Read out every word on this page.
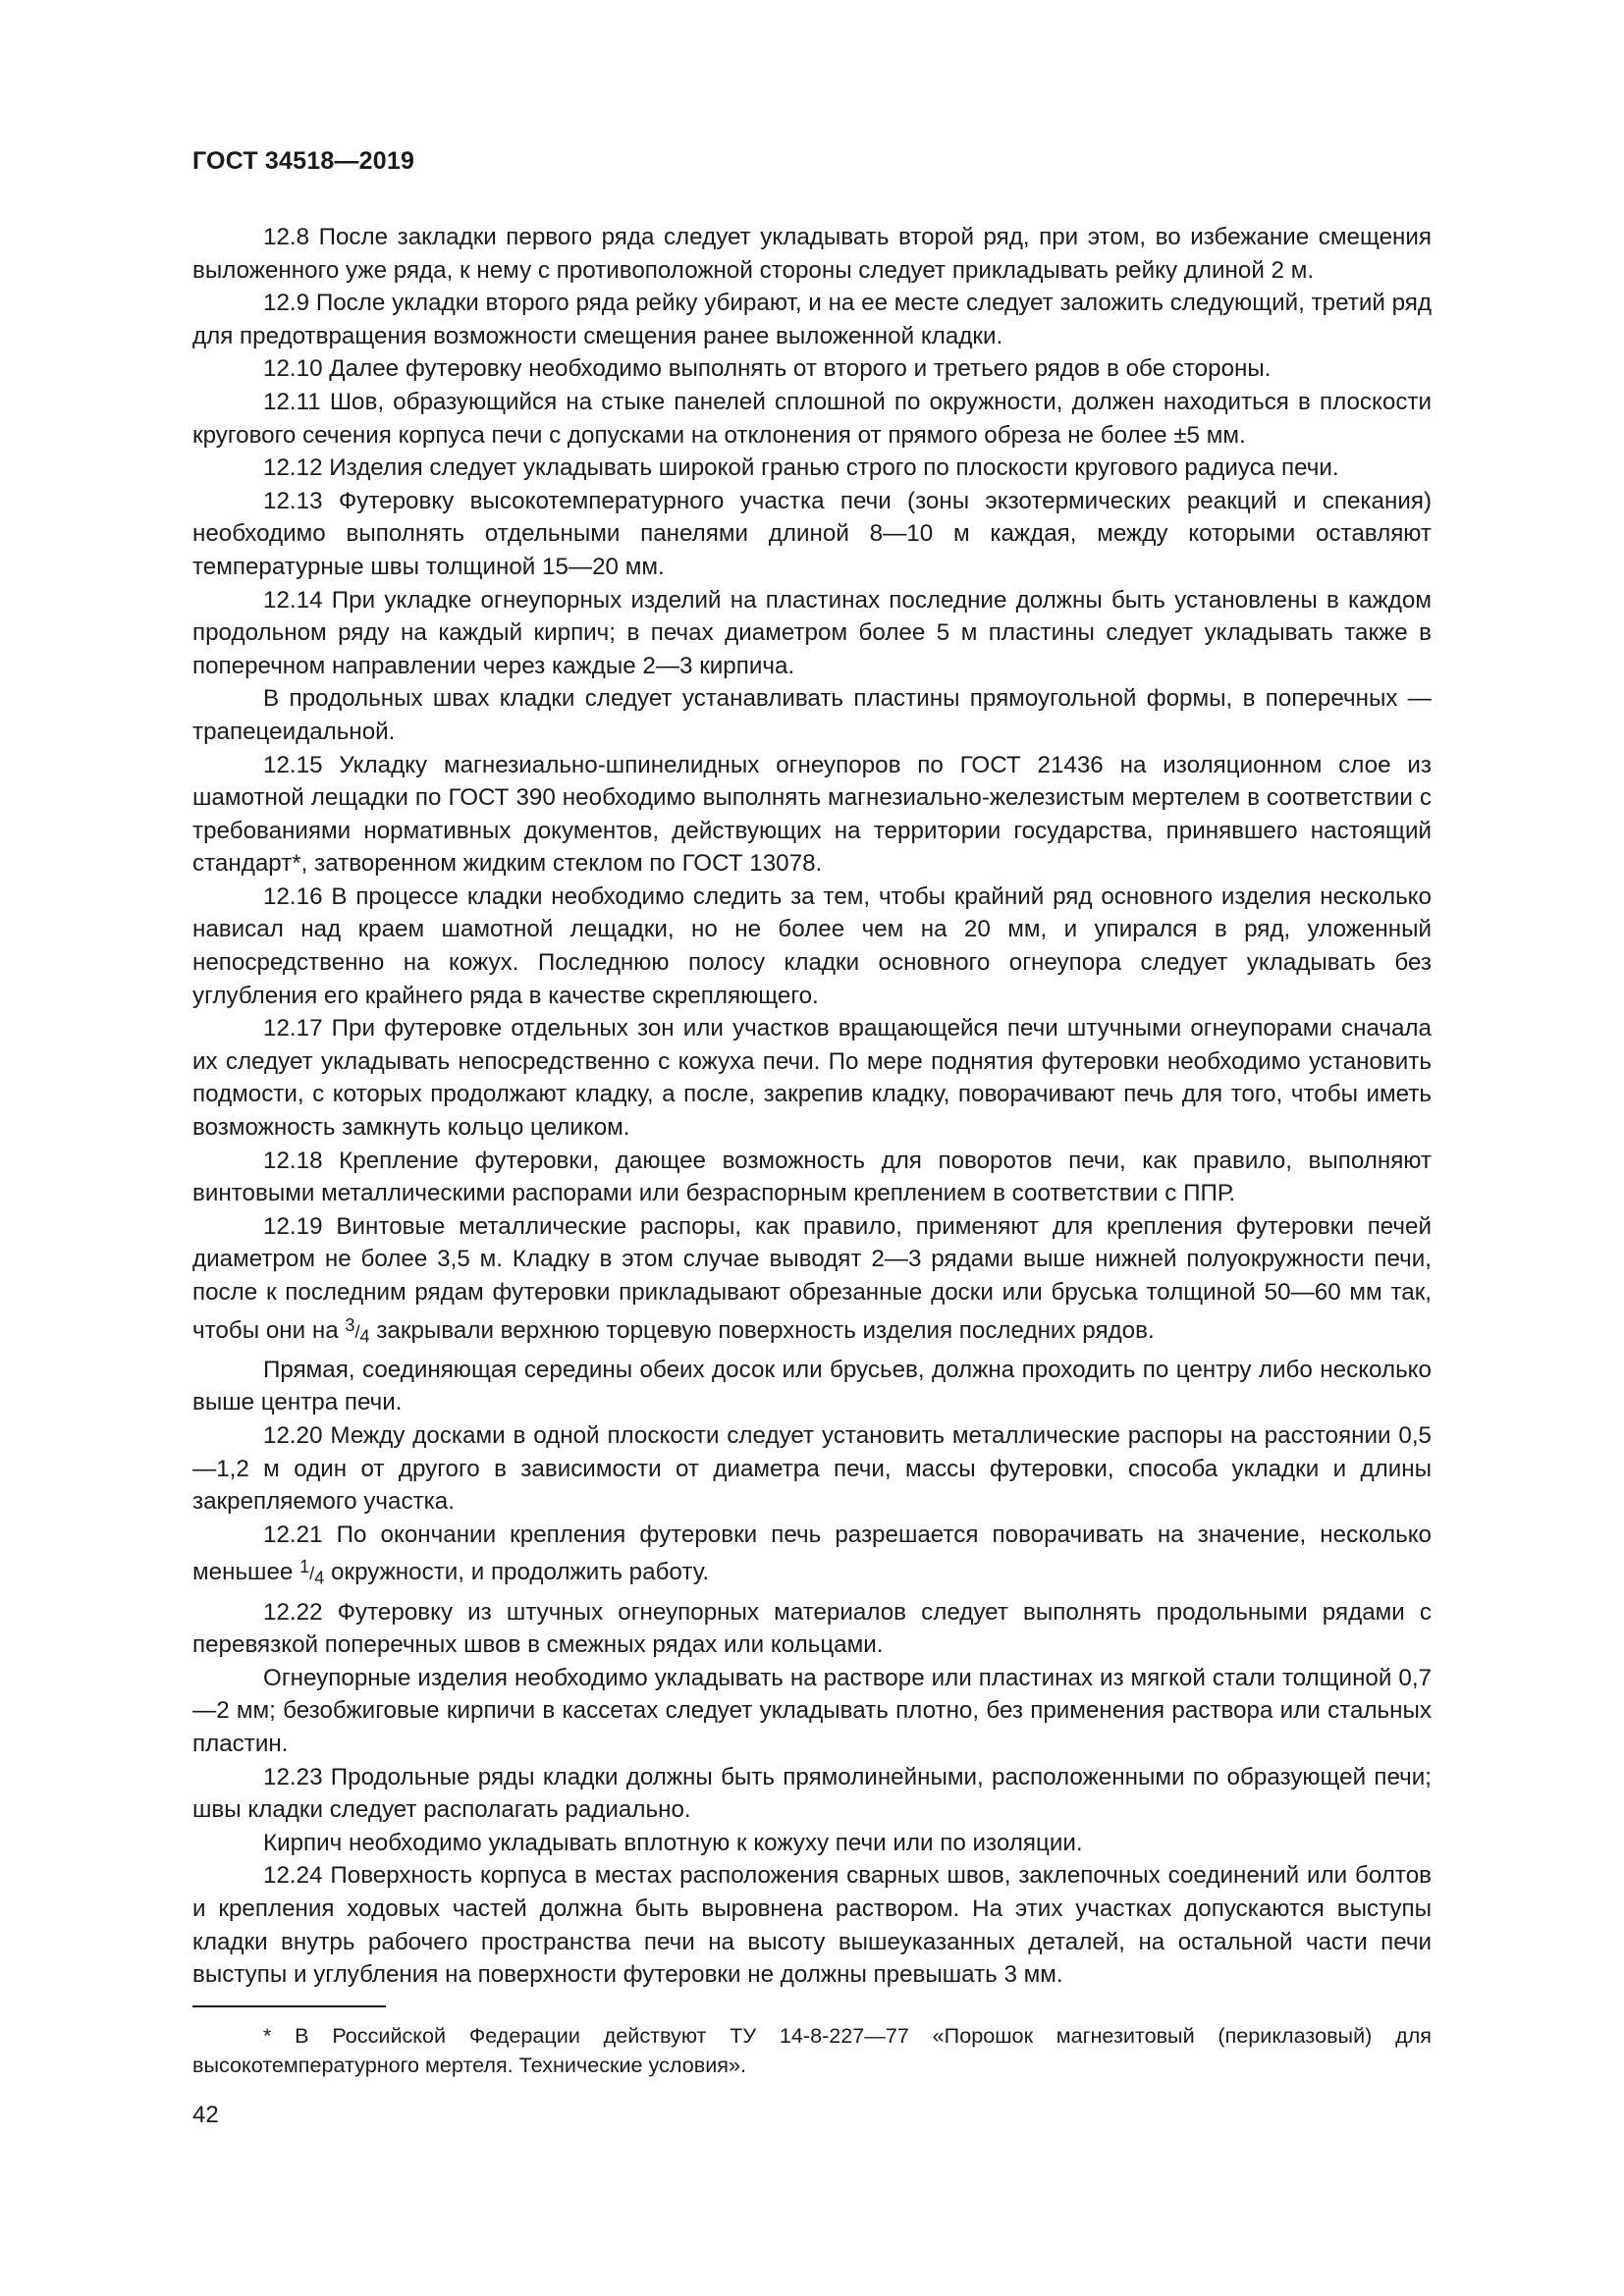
ГОСТ 34518—2019

12.8 После закладки первого ряда следует укладывать второй ряд, при этом, во избежание смещения выложенного уже ряда, к нему с противоположной стороны следует прикладывать рейку длиной 2 м.

12.9 После укладки второго ряда рейку убирают, и на ее месте следует заложить следующий, третий ряд для предотвращения возможности смещения ранее выложенной кладки.

12.10 Далее футеровку необходимо выполнять от второго и третьего рядов в обе стороны.

12.11 Шов, образующийся на стыке панелей сплошной по окружности, должен находиться в плоскости кругового сечения корпуса печи с допусками на отклонения от прямого обреза не более ±5 мм.

12.12 Изделия следует укладывать широкой гранью строго по плоскости кругового радиуса печи.

12.13 Футеровку высокотемпературного участка печи (зоны экзотермических реакций и спекания) необходимо выполнять отдельными панелями длиной 8—10 м каждая, между которыми оставляют температурные швы толщиной 15—20 мм.

12.14 При укладке огнеупорных изделий на пластинах последние должны быть установлены в каждом продольном ряду на каждый кирпич; в печах диаметром более 5 м пластины следует укладывать также в поперечном направлении через каждые 2—3 кирпича.

В продольных швах кладки следует устанавливать пластины прямоугольной формы, в поперечных — трапецеидальной.

12.15 Укладку магнезиально-шпинелидных огнеупоров по ГОСТ 21436 на изоляционном слое из шамотной лещадки по ГОСТ 390 необходимо выполнять магнезиально-железистым мертелем в соответствии с требованиями нормативных документов, действующих на территории государства, принявшего настоящий стандарт*, затворенном жидким стеклом по ГОСТ 13078.

12.16 В процессе кладки необходимо следить за тем, чтобы крайний ряд основного изделия несколько нависал над краем шамотной лещадки, но не более чем на 20 мм, и упирался в ряд, уложенный непосредственно на кожух. Последнюю полосу кладки основного огнеупора следует укладывать без углубления его крайнего ряда в качестве скрепляющего.

12.17 При футеровке отдельных зон или участков вращающейся печи штучными огнеупорами сначала их следует укладывать непосредственно с кожуха печи. По мере поднятия футеровки необходимо установить подмости, с которых продолжают кладку, а после, закрепив кладку, поворачивают печь для того, чтобы иметь возможность замкнуть кольцо целиком.

12.18 Крепление футеровки, дающее возможность для поворотов печи, как правило, выполняют винтовыми металлическими распорами или безраспорным креплением в соответствии с ППР.

12.19 Винтовые металлические распоры, как правило, применяют для крепления футеровки печей диаметром не более 3,5 м. Кладку в этом случае выводят 2—3 рядами выше нижней полуокружности печи, после к последним рядам футеровки прикладывают обрезанные доски или бруська толщиной 50—60 мм так, чтобы они на $^3/_4$ закрывали верхнюю торцевую поверхность изделия последних рядов.

Прямая, соединяющая середины обеих досок или брусьев, должна проходить по центру либо несколько выше центра печи.

12.20 Между досками в одной плоскости следует установить металлические распоры на расстоянии 0,5—1,2 м один от другого в зависимости от диаметра печи, массы футеровки, способа укладки и длины закрепляемого участка.

12.21 По окончании крепления футеровки печь разрешается поворачивать на значение, несколько меньшее $^1/_4$ окружности, и продолжить работу.

12.22 Футеровку из штучных огнеупорных материалов следует выполнять продольными рядами с перевязкой поперечных швов в смежных рядах или кольцами.

Огнеупорные изделия необходимо укладывать на растворе или пластинах из мягкой стали толщиной 0,7—2 мм; безобжиговые кирпичи в кассетах следует укладывать плотно, без применения раствора или стальных пластин.

12.23 Продольные ряды кладки должны быть прямолинейными, расположенными по образующей печи; швы кладки следует располагать радиально.

Кирпич необходимо укладывать вплотную к кожуху печи или по изоляции.

12.24 Поверхность корпуса в местах расположения сварных швов, заклепочных соединений или болтов и крепления ходовых частей должна быть выровнена раствором. На этих участках допускаются выступы кладки внутрь рабочего пространства печи на высоту вышеуказанных деталей, на остальной части печи выступы и углубления на поверхности футеровки не должны превышать 3 мм.

* В Российской Федерации действуют ТУ 14-8-227—77 «Порошок магнезитовый (периклазовый) для высокотемпературного мертеля. Технические условия».

42
